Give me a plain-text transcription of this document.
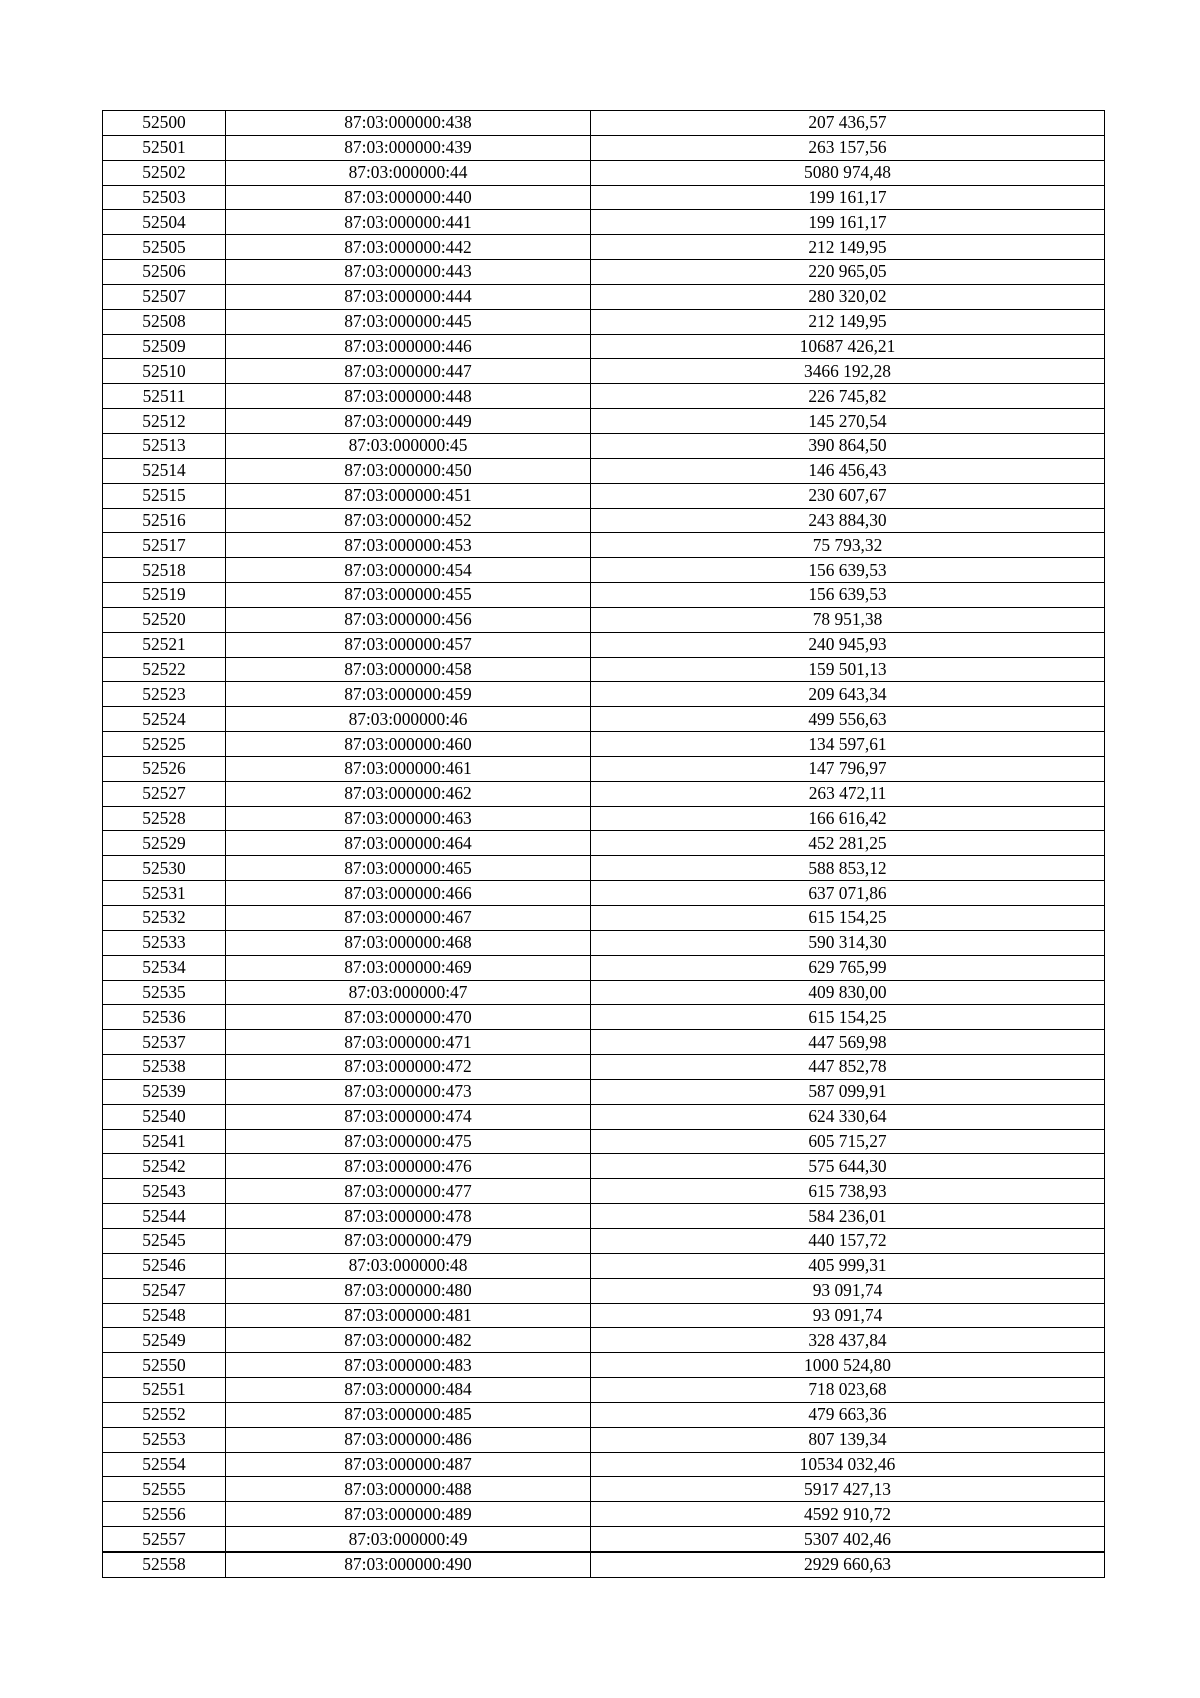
52500	87:03:000000:438	207 436,57
52501	87:03:000000:439	263 157,56
52502	87:03:000000:44	5080 974,48
52503	87:03:000000:440	199 161,17
52504	87:03:000000:441	199 161,17
52505	87:03:000000:442	212 149,95
52506	87:03:000000:443	220 965,05
52507	87:03:000000:444	280 320,02
52508	87:03:000000:445	212 149,95
52509	87:03:000000:446	10687 426,21
52510	87:03:000000:447	3466 192,28
52511	87:03:000000:448	226 745,82
52512	87:03:000000:449	145 270,54
52513	87:03:000000:45	390 864,50
52514	87:03:000000:450	146 456,43
52515	87:03:000000:451	230 607,67
52516	87:03:000000:452	243 884,30
52517	87:03:000000:453	75 793,32
52518	87:03:000000:454	156 639,53
52519	87:03:000000:455	156 639,53
52520	87:03:000000:456	78 951,38
52521	87:03:000000:457	240 945,93
52522	87:03:000000:458	159 501,13
52523	87:03:000000:459	209 643,34
52524	87:03:000000:46	499 556,63
52525	87:03:000000:460	134 597,61
52526	87:03:000000:461	147 796,97
52527	87:03:000000:462	263 472,11
52528	87:03:000000:463	166 616,42
52529	87:03:000000:464	452 281,25
52530	87:03:000000:465	588 853,12
52531	87:03:000000:466	637 071,86
52532	87:03:000000:467	615 154,25
52533	87:03:000000:468	590 314,30
52534	87:03:000000:469	629 765,99
52535	87:03:000000:47	409 830,00
52536	87:03:000000:470	615 154,25
52537	87:03:000000:471	447 569,98
52538	87:03:000000:472	447 852,78
52539	87:03:000000:473	587 099,91
52540	87:03:000000:474	624 330,64
52541	87:03:000000:475	605 715,27
52542	87:03:000000:476	575 644,30
52543	87:03:000000:477	615 738,93
52544	87:03:000000:478	584 236,01
52545	87:03:000000:479	440 157,72
52546	87:03:000000:48	405 999,31
52547	87:03:000000:480	93 091,74
52548	87:03:000000:481	93 091,74
52549	87:03:000000:482	328 437,84
52550	87:03:000000:483	1000 524,80
52551	87:03:000000:484	718 023,68
52552	87:03:000000:485	479 663,36
52553	87:03:000000:486	807 139,34
52554	87:03:000000:487	10534 032,46
52555	87:03:000000:488	5917 427,13
52556	87:03:000000:489	4592 910,72
52557	87:03:000000:49	5307 402,46
52558	87:03:000000:490	2929 660,63
